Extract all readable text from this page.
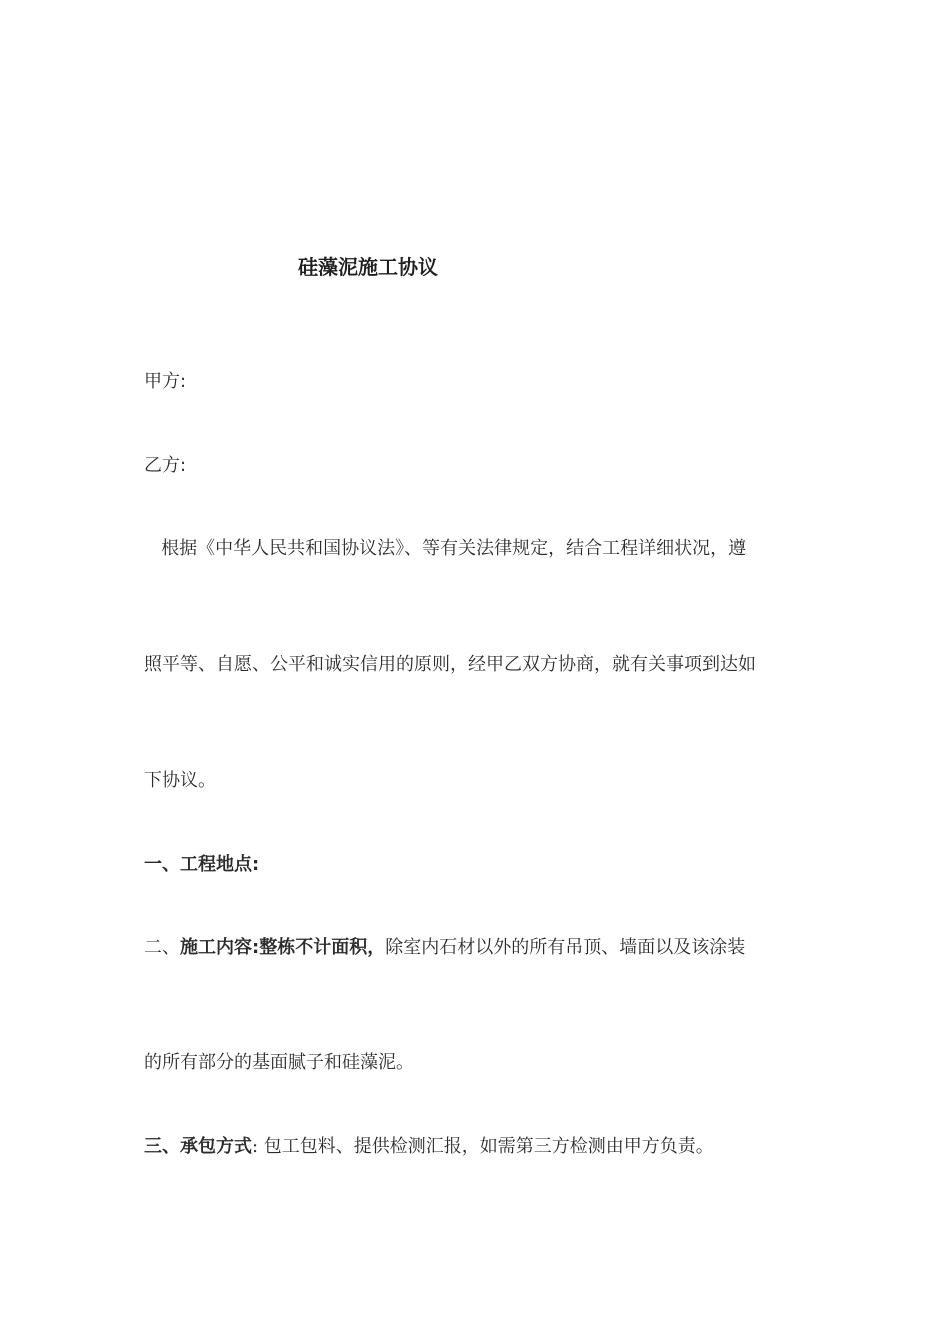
硅藻泥施工协议
甲方:
乙方:
根据《中华人民共和国协议法》、等有关法律规定，结合工程详细状况，遵
照平等、自愿、公平和诚实信用的原则，经甲乙双方协商，就有关事项到达如
下协议。
一、工程地点:
二、施工内容:整栋不计面积，除室内石材以外的所有吊顶、墙面以及该涂装
的所有部分的基面腻子和硅藻泥。
三、承包方式: 包工包料、提供检测汇报，如需第三方检测由甲方负责。
